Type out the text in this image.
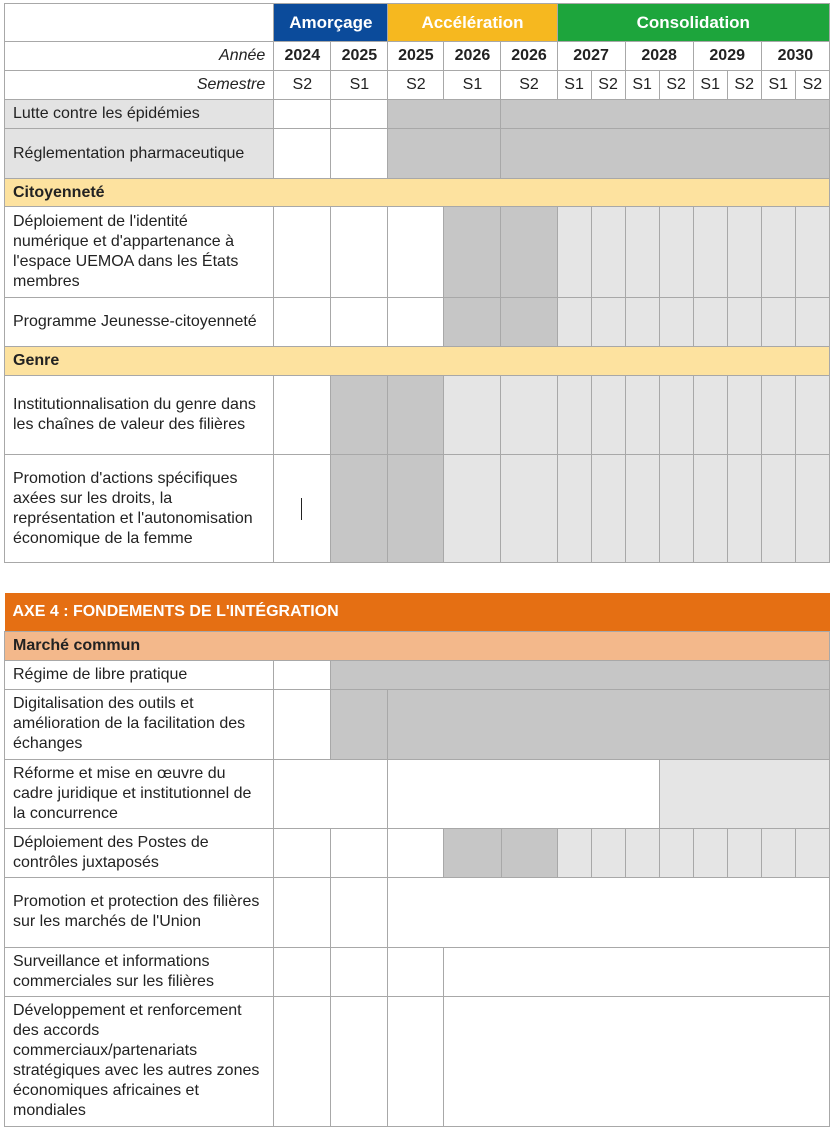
	Amorçage		Accélération			Consolidation							
Année	2024	2025	2025	2026	2026	2027		2028		2029		2030	
Semestre	S2	S1	S2	S1	S2	S1	S2	S1	S2	S1	S2	S1	S2
Lutte contre les épidémies													
Réglementation pharmaceutique													
Citoyenneté													
Déploiement de l'identité numérique et d'appartenance à l'espace UEMOA dans les États membres													
Programme Jeunesse-citoyenneté													
Genre													
Institutionnalisation du genre dans les chaînes de valeur des filières													
Promotion d'actions spécifiques axées sur les droits, la représentation et l'autonomisation économique de la femme													
AXE 4 : FONDEMENTS DE L'INTÉGRATION													
Marché commun													
Régime de libre pratique													
Digitalisation des outils et amélioration de la facilitation des échanges													
Réforme et mise en œuvre du cadre juridique et institutionnel de la concurrence													
Déploiement des Postes de contrôles juxtaposés													
Promotion et protection des filières sur les marchés de l'Union													
Surveillance et informations commerciales sur les filières													
Développement et renforcement des accords commerciaux/partenariats stratégiques avec les autres zones économiques africaines et mondiales													
